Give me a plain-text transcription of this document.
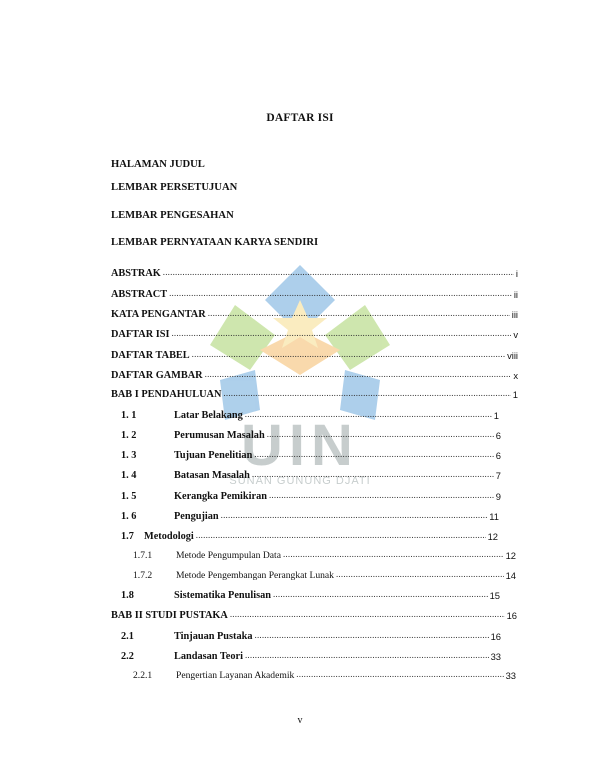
UIN
SUNAN GUNUNG DJATI
DAFTAR ISI
HALAMAN JUDUL
LEMBAR PERSETUJUAN
LEMBAR PENGESAHAN
LEMBAR PERNYATAAN KARYA SENDIRI
ABSTRAK .....	i
ABSTRACT .....	ii
KATA PENGANTAR .....	iii
DAFTAR ISI .....	v
DAFTAR TABEL .....	viii
DAFTAR GAMBAR .....	x
BAB I PENDAHULUAN .....	1
1. 1	Latar Belakang .....	1
1. 2	Perumusan Masalah .....	6
1. 3	Tujuan Penelitian .....	6
1. 4	Batasan Masalah .....	7
1. 5	Kerangka Pemikiran .....	9
1. 6	Pengujian .....	11
1.7 Metodologi .....	12
1.7.1	Metode Pengumpulan Data .....	12
1.7.2	Metode Pengembangan Perangkat Lunak .....	14
1.8	Sistematika Penulisan .....	15
BAB II STUDI PUSTAKA .....	16
2.1	Tinjauan Pustaka .....	16
2.2	Landasan Teori .....	33
2.2.1	Pengertian Layanan Akademik .....	33
v
